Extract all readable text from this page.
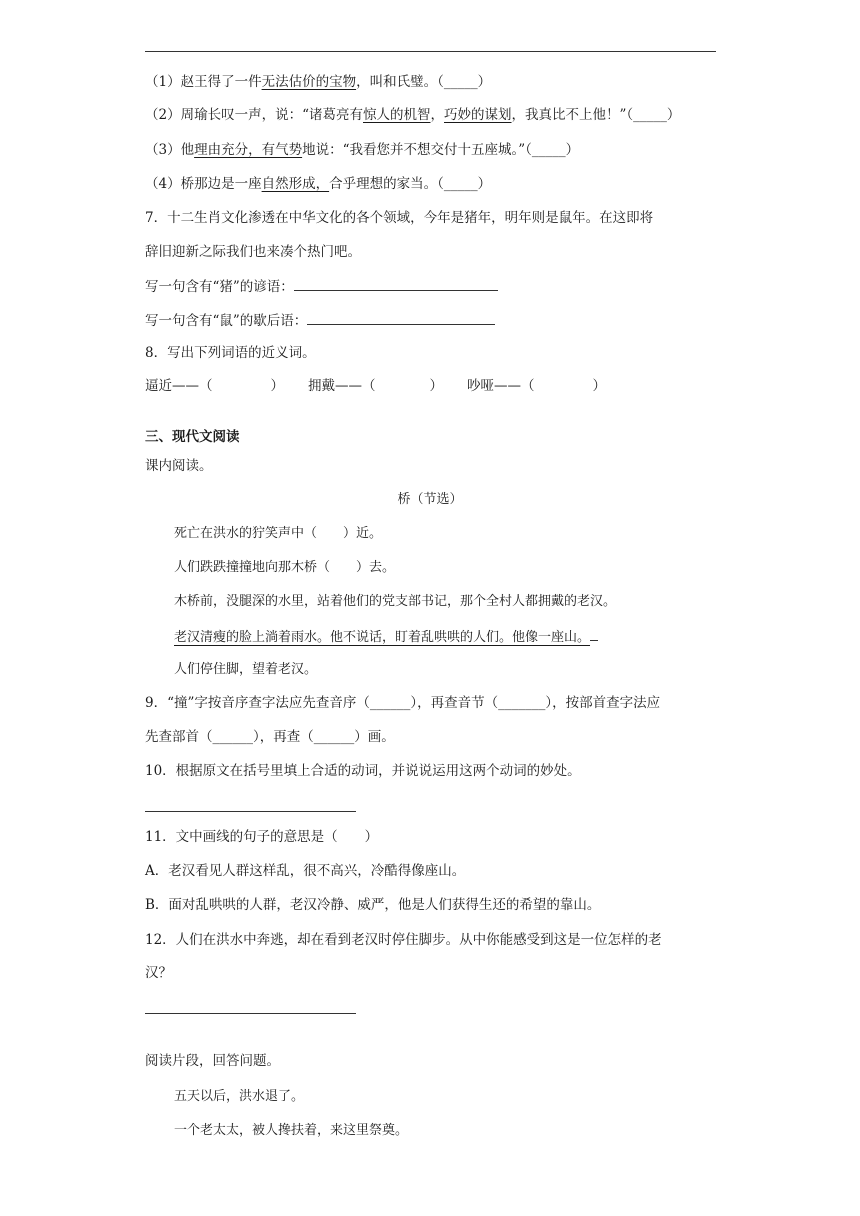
（1）赵王得了一件无法估价的宝物，叫和氏璧。（_____）
（2）周瑜长叹一声，说：“诸葛亮有惊人的机智，巧妙的谋划，我真比不上他！”（_____）
（3）他理由充分，有气势地说：“我看您并不想交付十五座城。”（_____）
（4）桥那边是一座自然形成，合乎理想的家当。（_____）
7．十二生肖文化渗透在中华文化的各个领域，今年是猪年，明年则是鼠年。在这即将
辞旧迎新之际我们也来凑个热门吧。
写一句含有“猪”的谚语：
写一句含有“鼠”的歇后语：
8．写出下列词语的近义词。
逼近——（	） 拥戴——（	） 吵哑——（	）
三、现代文阅读
课内阅读。
桥（节选）
死亡在洪水的狞笑声中（　　）近。
人们跌跌撞撞地向那木桥（　　）去。
木桥前，没腿深的水里，站着他们的党支部书记，那个全村人都拥戴的老汉。
老汉清瘦的脸上淌着雨水。他不说话，盯着乱哄哄的人们。他像一座山。
人们停住脚，望着老汉。
9．“撞”字按音序查字法应先查音序（______），再查音节（_______），按部首查字法应
先查部首（______），再查（______）画。
10．根据原文在括号里填上合适的动词，并说说运用这两个动词的妙处。
11．文中画线的句子的意思是（　　）
A．老汉看见人群这样乱，很不高兴，冷酷得像座山。
B．面对乱哄哄的人群，老汉冷静、威严，他是人们获得生还的希望的靠山。
12．人们在洪水中奔逃，却在看到老汉时停住脚步。从中你能感受到这是一位怎样的老
汉？
阅读片段，回答问题。
五天以后，洪水退了。
一个老太太，被人搀扶着，来这里祭奠。
